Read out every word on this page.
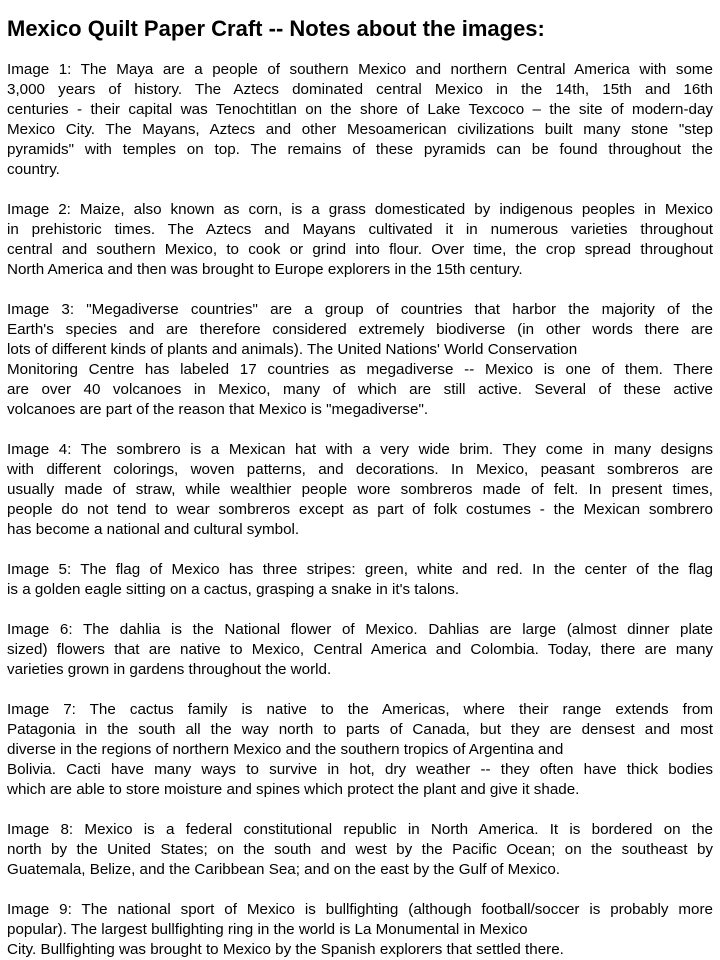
Mexico Quilt Paper Craft -- Notes about the images:

Image 1: The Maya are a people of southern Mexico and northern Central America with some
3,000 years of history. The Aztecs dominated central Mexico in the 14th, 15th and 16th
centuries - their capital was Tenochtitlan on the shore of Lake Texcoco – the site of modern-day
Mexico City. The Mayans, Aztecs and other Mesoamerican civilizations built many stone "step
pyramids" with temples on top. The remains of these pyramids can be found throughout the
country.

Image 2: Maize, also known as corn, is a grass domesticated by indigenous peoples in Mexico
in prehistoric times. The Aztecs and Mayans cultivated it in numerous varieties throughout
central and southern Mexico, to cook or grind into flour. Over time, the crop spread throughout
North America and then was brought to Europe explorers in the 15th century.

Image 3: "Megadiverse countries" are a group of countries that harbor the majority of the
Earth's species and are therefore considered extremely biodiverse (in other words there are
lots of different kinds of plants and animals). The United Nations' World Conservation
Monitoring Centre has labeled 17 countries as megadiverse -- Mexico is one of them. There
are over 40 volcanoes in Mexico, many of which are still active. Several of these active
volcanoes are part of the reason that Mexico is "megadiverse".

Image 4: The sombrero is a Mexican hat with a very wide brim. They come in many designs
with different colorings, woven patterns, and decorations. In Mexico, peasant sombreros are
usually made of straw, while wealthier people wore sombreros made of felt. In present times,
people do not tend to wear sombreros except as part of folk costumes - the Mexican sombrero
has become a national and cultural symbol.

Image 5: The flag of Mexico has three stripes: green, white and red. In the center of the flag
is a golden eagle sitting on a cactus, grasping a snake in it's talons.

Image 6: The dahlia is the National flower of Mexico. Dahlias are large (almost dinner plate
sized) flowers that are native to Mexico, Central America and Colombia. Today, there are many
varieties grown in gardens throughout the world.

Image 7: The cactus family is native to the Americas, where their range extends from
Patagonia in the south all the way north to parts of Canada, but they are densest and most
diverse in the regions of northern Mexico and the southern tropics of Argentina and
Bolivia. Cacti have many ways to survive in hot, dry weather -- they often have thick bodies
which are able to store moisture and spines which protect the plant and give it shade.

Image 8: Mexico is a federal constitutional republic in North America. It is bordered on the
north by the United States; on the south and west by the Pacific Ocean; on the southeast by
Guatemala, Belize, and the Caribbean Sea; and on the east by the Gulf of Mexico.

Image 9: The national sport of Mexico is bullfighting (although football/soccer is probably more
popular). The largest bullfighting ring in the world is La Monumental in Mexico
City. Bullfighting was brought to Mexico by the Spanish explorers that settled there.
